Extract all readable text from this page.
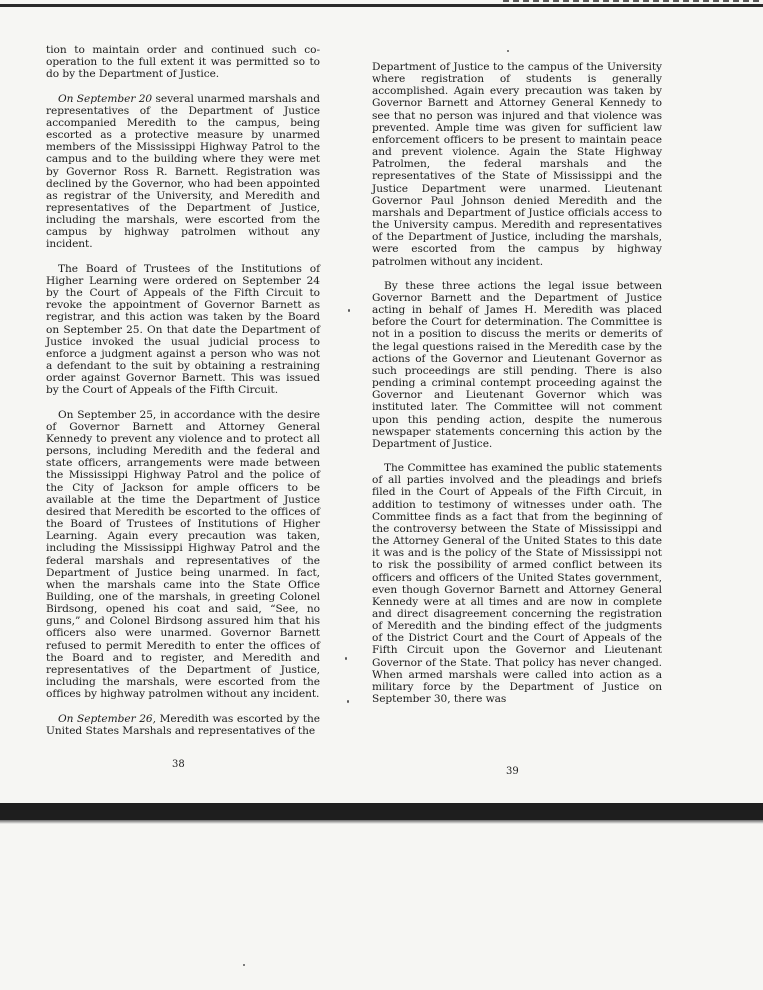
tion to maintain order and continued such co-operation to the full extent it was permitted so to do by the Department of Justice.

On September 20 several unarmed marshals and representatives of the Department of Justice accompanied Meredith to the campus, being escorted as a protective measure by unarmed members of the Mississippi Highway Patrol to the campus and to the building where they were met by Governor Ross R. Barnett. Registration was declined by the Governor, who had been appointed as registrar of the University, and Meredith and representatives of the Department of Justice, including the marshals, were escorted from the campus by highway patrolmen without any incident.

The Board of Trustees of the Institutions of Higher Learning were ordered on September 24 by the Court of Appeals of the Fifth Circuit to revoke the appointment of Governor Barnett as registrar, and this action was taken by the Board on September 25. On that date the Department of Justice invoked the usual judicial process to enforce a judgment against a person who was not a defendant to the suit by obtaining a restraining order against Governor Barnett. This was issued by the Court of Appeals of the Fifth Circuit.

On September 25, in accordance with the desire of Governor Barnett and Attorney General Kennedy to prevent any violence and to protect all persons, including Meredith and the federal and state officers, arrangements were made between the Mississippi Highway Patrol and the police of the City of Jackson for ample officers to be available at the time the Department of Justice desired that Meredith be escorted to the offices of the Board of Trustees of Institutions of Higher Learning. Again every precaution was taken, including the Mississippi Highway Patrol and the federal marshals and representatives of the Department of Justice being unarmed. In fact, when the marshals came into the State Office Building, one of the marshals, in greeting Colonel Birdsong, opened his coat and said, “See, no guns,” and Colonel Birdsong assured him that his officers also were unarmed. Governor Barnett refused to permit Meredith to enter the offices of the Board and to register, and Meredith and representatives of the Department of Justice, including the marshals, were escorted from the offices by highway patrolmen without any incident.

On September 26, Meredith was escorted by the United States Marshals and representatives of the

38

Department of Justice to the campus of the University where registration of students is generally accomplished. Again every precaution was taken by Governor Barnett and Attorney General Kennedy to see that no person was injured and that violence was prevented. Ample time was given for sufficient law enforcement officers to be present to maintain peace and prevent violence. Again the State Highway Patrolmen, the federal marshals and the representatives of the State of Mississippi and the Justice Department were unarmed. Lieutenant Governor Paul Johnson denied Meredith and the marshals and Department of Justice officials access to the University campus. Meredith and representatives of the Department of Justice, including the marshals, were escorted from the campus by highway patrolmen without any incident.

By these three actions the legal issue between Governor Barnett and the Department of Justice acting in behalf of James H. Meredith was placed before the Court for determination. The Committee is not in a position to discuss the merits or demerits of the legal questions raised in the Meredith case by the actions of the Governor and Lieutenant Governor as such proceedings are still pending. There is also pending a criminal contempt proceeding against the Governor and Lieutenant Governor which was instituted later. The Committee will not comment upon this pending action, despite the numerous newspaper statements concerning this action by the Department of Justice.

The Committee has examined the public statements of all parties involved and the pleadings and briefs filed in the Court of Appeals of the Fifth Circuit, in addition to testimony of witnesses under oath. The Committee finds as a fact that from the beginning of the controversy between the State of Mississippi and the Attorney General of the United States to this date it was and is the policy of the State of Mississippi not to risk the possibility of armed conflict between its officers and officers of the United States government, even though Governor Barnett and Attorney General Kennedy were at all times and are now in complete and direct disagreement concerning the registration of Meredith and the binding effect of the judgments of the District Court and the Court of Appeals of the Fifth Circuit upon the Governor and Lieutenant Governor of the State. That policy has never changed. When armed marshals were called into action as a military force by the Department of Justice on September 30, there was

39
